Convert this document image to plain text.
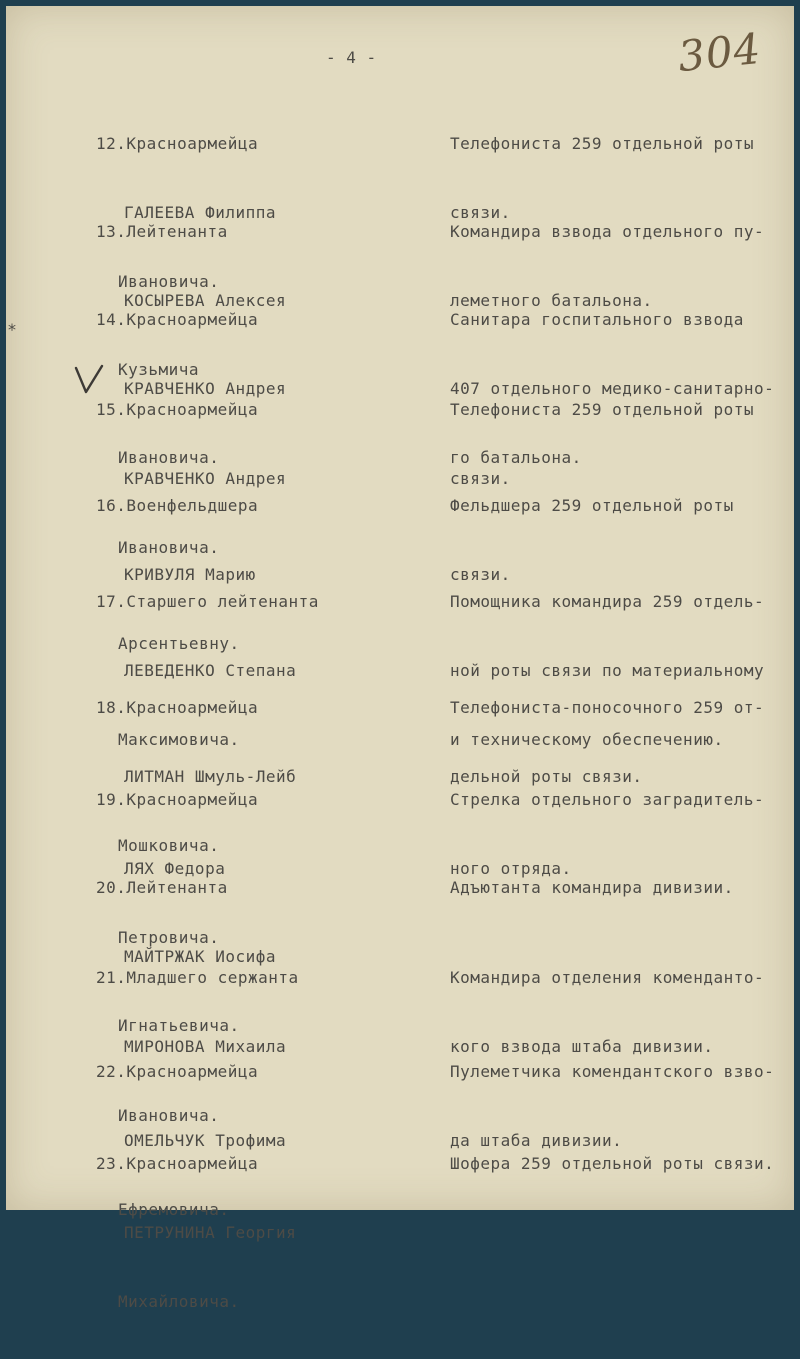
- 4 -	304
*

12.Красноармейца

ГАЛЕЕВА Филиппа

Ивановича.

Телефониста 259 отдельной роты

связи.

13.Лейтенанта

КОСЫРЕВА Алексея

Кузьмича

Командира взвода отдельного пу-

леметного батальона.

14.Красноармейца

КРАВЧЕНКО Андрея

Ивановича.

Санитара госпитального взвода

407 отдельного медико-санитарно-

го батальона.

15.Красноармейца

КРАВЧЕНКО Андрея

Ивановича.

Телефониста 259 отдельной роты

связи.

16.Военфельдшера

КРИВУЛЯ Марию

Арсентьевну.

Фельдшера 259 отдельной роты

связи.

17.Старшего лейтенанта

ЛЕВЕДЕНКО Степана

Максимовича.

Помощника командира 259 отдель-

ной роты связи по материальному

и техническому обеспечению.

18.Красноармейца

ЛИТМАН Шмуль-Лейб

Мошковича.

Телефониста-поносочного 259 от-

дельной роты связи.

19.Красноармейца

ЛЯХ Федора

Петровича.

Стрелка отдельного заградитель-

ного отряда.

20.Лейтенанта

МАЙТРЖАК Иосифа

Игнатьевича.

Адъютанта командира дивизии.

21.Младшего сержанта

МИРОНОВА Михаила

Ивановича.

Командира отделения коменданто-

кого взвода штаба дивизии.

22.Красноармейца

ОМЕЛЬЧУК Трофима

Ефремовича.

Пулеметчика комендантского взво-

да штаба дивизии.

23.Красноармейца

ПЕТРУНИНА Георгия

Михайловича.

Шофера 259 отдельной роты связи.
